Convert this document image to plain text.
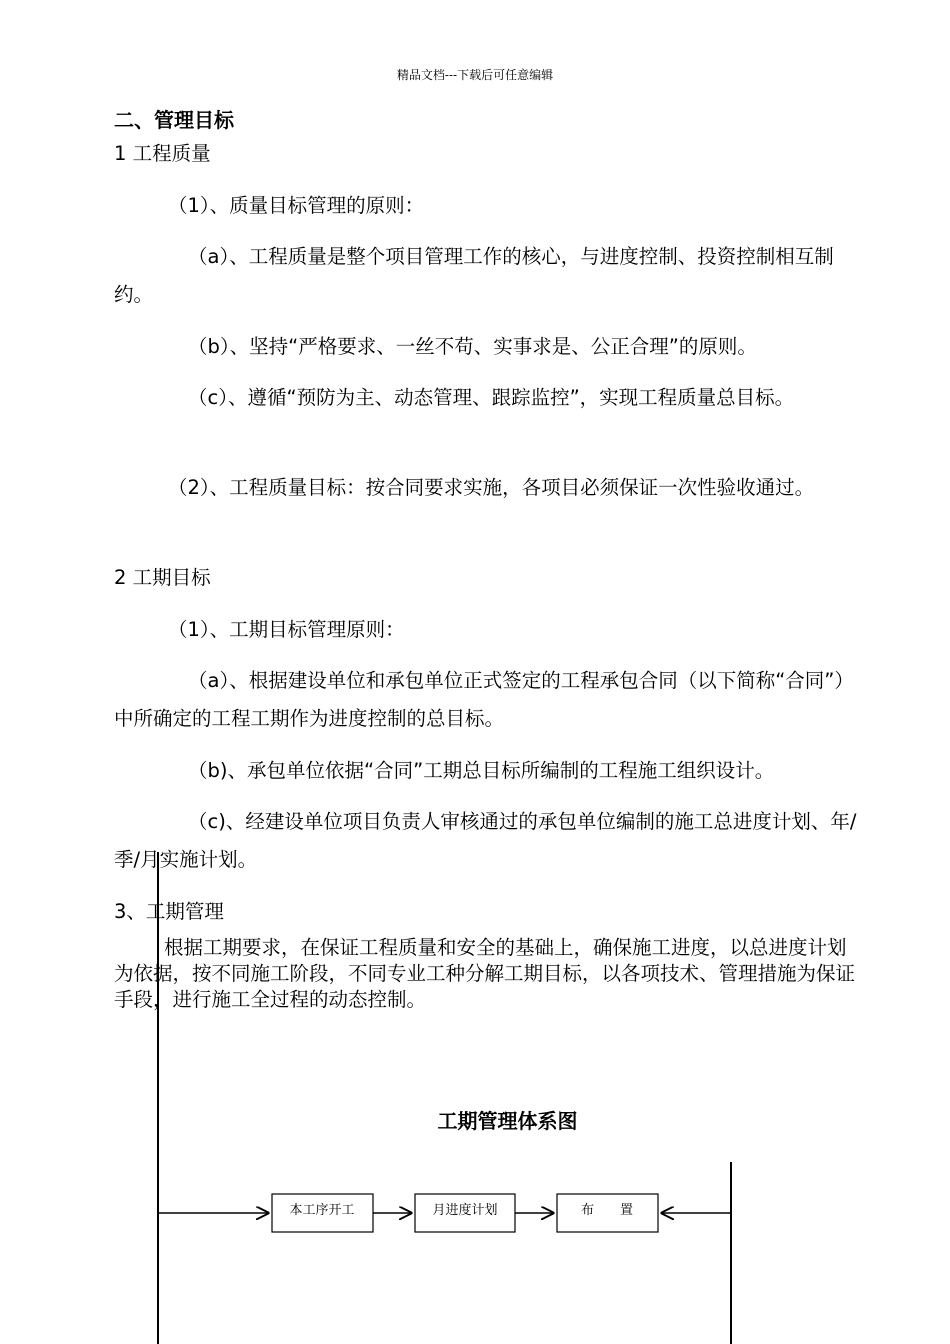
精品文档---下载后可任意编辑
二、管理目标
1 工程质量
（1）、质量目标管理的原则：
（a）、工程质量是整个项目管理工作的核心，与进度控制、投资控制相互制约。
（b）、坚持“严格要求、一丝不苟、实事求是、公正合理”的原则。
（c）、遵循“预防为主、动态管理、跟踪监控”，实现工程质量总目标。
（2）、工程质量目标：按合同要求实施，各项目必须保证一次性验收通过。
2 工期目标
（1）、工期目标管理原则：
（a）、根据建设单位和承包单位正式签定的工程承包合同（以下简称“合同”）中所确定的工程工期作为进度控制的总目标。
（b)、承包单位依据“合同”工期总目标所编制的工程施工组织设计。
（c)、经建设单位项目负责人审核通过的承包单位编制的施工总进度计划、年/季/月实施计划。
3、工期管理
根据工期要求，在保证工程质量和安全的基础上，确保施工进度，以总进度计划为依据，按不同施工阶段，不同专业工种分解工期目标，以各项技术、管理措施为保证手段，进行施工全过程的动态控制。
工期管理体系图
本工序开工	月进度计划	布　　置
